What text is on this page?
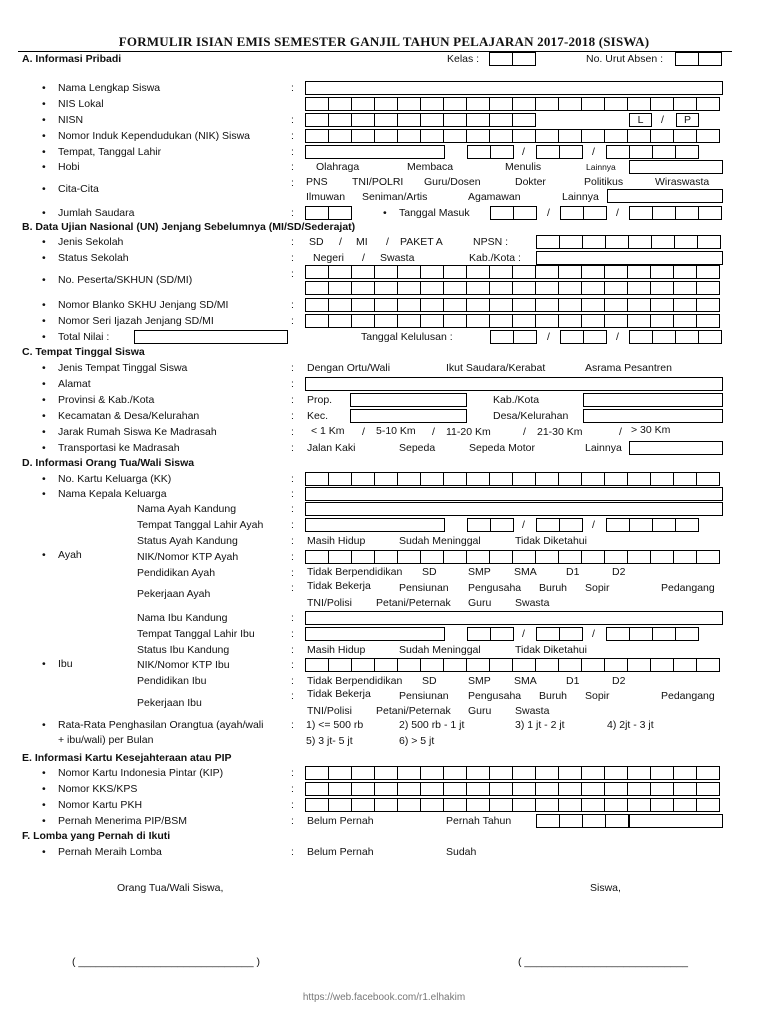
FORMULIR ISIAN EMIS SEMESTER GANJIL TAHUN PELAJARAN 2017-2018 (SISWA)
A. Informasi Pribadi	Kelas :	No. Urut Absen :
• Nama Lengkap Siswa	:
• NIS Lokal
• NISN	:	L	/	P
• Nomor Induk Kependudukan (NIK) Siswa	:
• Tempat, Tanggal Lahir	:	/	/
• Hobi	: Olahraga	Membaca	Menulis	Lainnya
• Cita-Cita	: PNS TNI/POLRI Guru/Dosen	Dokter	Politikus	Wiraswasta
Ilmuwan Seniman/Artis	Agamawan	Lainnya
• Jumlah Saudara	:
•	Tanggal Masuk	/	/
B. Data Ujian Nasional (UN) Jenjang Sebelumnya (MI/SD/Sederajat)
• Jenis Sekolah	: SD / MI / PAKET A	NPSN :
• Status Sekolah	: Negeri / Swasta	Kab./Kota :
• No. Peserta/SKHUN (SD/MI)	:
• Nomor Blanko SKHU Jenjang SD/MI	:
• Nomor Seri Ijazah Jenjang SD/MI	:
• Total Nilai :	Tanggal Kelulusan :	/	/
C. Tempat Tinggal Siswa
• Jenis Tempat Tinggal Siswa	: Dengan Ortu/Wali	Ikut Saudara/Kerabat	Asrama Pesantren
• Alamat	:
• Provinsi & Kab./Kota	: Prop.	Kab./Kota
• Kecamatan & Desa/Kelurahan	: Kec.	Desa/Kelurahan
• Jarak Rumah Siswa Ke Madrasah	: < 1 Km / 5-10 Km / 11-20 Km	/ 21-30 Km	/ > 30 Km
• Transportasi ke Madrasah	: Jalan Kaki	Sepeda	Sepeda Motor	Lainnya
D. Informasi Orang Tua/Wali Siswa
• No. Kartu Keluarga (KK)	:
• Nama Kepala Keluarga	:
• Ayah
Nama Ayah Kandung	:
Tempat Tanggal Lahir Ayah	:	/	/
Status Ayah Kandung	: Masih Hidup	Sudah Meninggal	Tidak Diketahui
NIK/Nomor KTP Ayah	:
Pendidikan Ayah	: Tidak Berpendidikan SD	SMP SMA	D1	D2
Pekerjaan Ayah	: Tidak Bekerja	Pensiunan Pengusaha Buruh Sopir	Pedangang
TNI/Polisi Petani/Peternak Guru Swasta
• Ibu
Nama Ibu Kandung	:
Tempat Tanggal Lahir Ibu	:	/	/
Status Ibu Kandung	: Masih Hidup	Sudah Meninggal	Tidak Diketahui
NIK/Nomor KTP Ibu	:
Pendidikan Ibu	: Tidak Berpendidikan SD	SMP SMA	D1	D2
Pekerjaan Ibu
: Tidak Bekerja	Pensiunan Pengusaha Buruh Sopir	Pedangang
TNI/Polisi Petani/Peternak Guru Swasta
• Rata-Rata Penghasilan Orangtua (ayah/wali
+ ibu/wali) per Bulan
: 1) <= 500 rb	2) 500 rb - 1 jt	3) 1 jt - 2 jt	4) 2jt - 3 jt
5) 3 jt- 5 jt	6) > 5 jt
E. Informasi Kartu Kesejahteraan atau PIP
• Nomor Kartu Indonesia Pintar (KIP)	:
• Nomor KKS/KPS	:
• Nomor Kartu PKH	:
• Pernah Menerima PIP/BSM	: Belum Pernah	Pernah Tahun
F. Lomba yang Pernah di Ikuti
• Pernah Meraih Lomba	: Belum Pernah	Sudah
Orang Tua/Wali Siswa,	Siswa,
( ______________________________ )	( ____________________________
https://web.facebook.com/r1.elhakim
